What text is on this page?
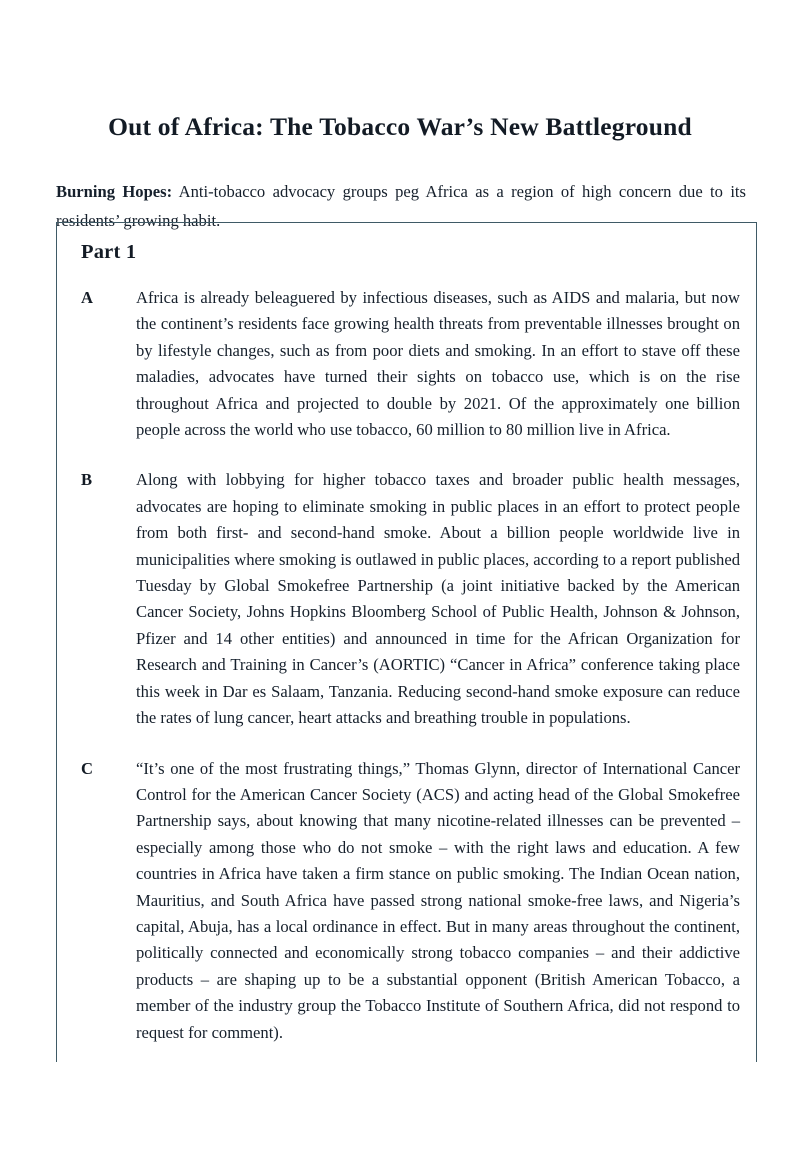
Out of Africa: The Tobacco War’s New Battleground

Burning Hopes: Anti-tobacco advocacy groups peg Africa as a region of high concern due to its residents’ growing habit.

Part 1
A	Africa is already beleaguered by infectious diseases, such as AIDS and malaria, but now the continent’s residents face growing health threats from preventable illnesses brought on by lifestyle changes, such as from poor diets and smoking. In an effort to stave off these maladies, advocates have turned their sights on tobacco use, which is on the rise throughout Africa and projected to double by 2021. Of the approximately one billion people across the world who use tobacco, 60 million to 80 million live in Africa.
B	Along with lobbying for higher tobacco taxes and broader public health messages, advocates are hoping to eliminate smoking in public places in an effort to protect people from both first- and second-hand smoke. About a billion people worldwide live in municipalities where smoking is outlawed in public places, according to a report published Tuesday by Global Smokefree Partnership (a joint initiative backed by the American Cancer Society, Johns Hopkins Bloomberg School of Public Health, Johnson & Johnson, Pfizer and 14 other entities) and announced in time for the African Organization for Research and Training in Cancer’s (AORTIC) “Cancer in Africa” conference taking place this week in Dar es Salaam, Tanzania. Reducing second-hand smoke exposure can reduce the rates of lung cancer, heart attacks and breathing trouble in populations.
C	“It’s one of the most frustrating things,” Thomas Glynn, director of International Cancer Control for the American Cancer Society (ACS) and acting head of the Global Smokefree Partnership says, about knowing that many nicotine-related illnesses can be prevented – especially among those who do not smoke – with the right laws and education. A few countries in Africa have taken a firm stance on public smoking. The Indian Ocean nation, Mauritius, and South Africa have passed strong national smoke-free laws, and Nigeria’s capital, Abuja, has a local ordinance in effect. But in many areas throughout the continent, politically connected and economically strong tobacco companies – and their addictive products – are shaping up to be a substantial opponent (British American Tobacco, a member of the industry group the Tobacco Institute of Southern Africa, did not respond to request for comment).
